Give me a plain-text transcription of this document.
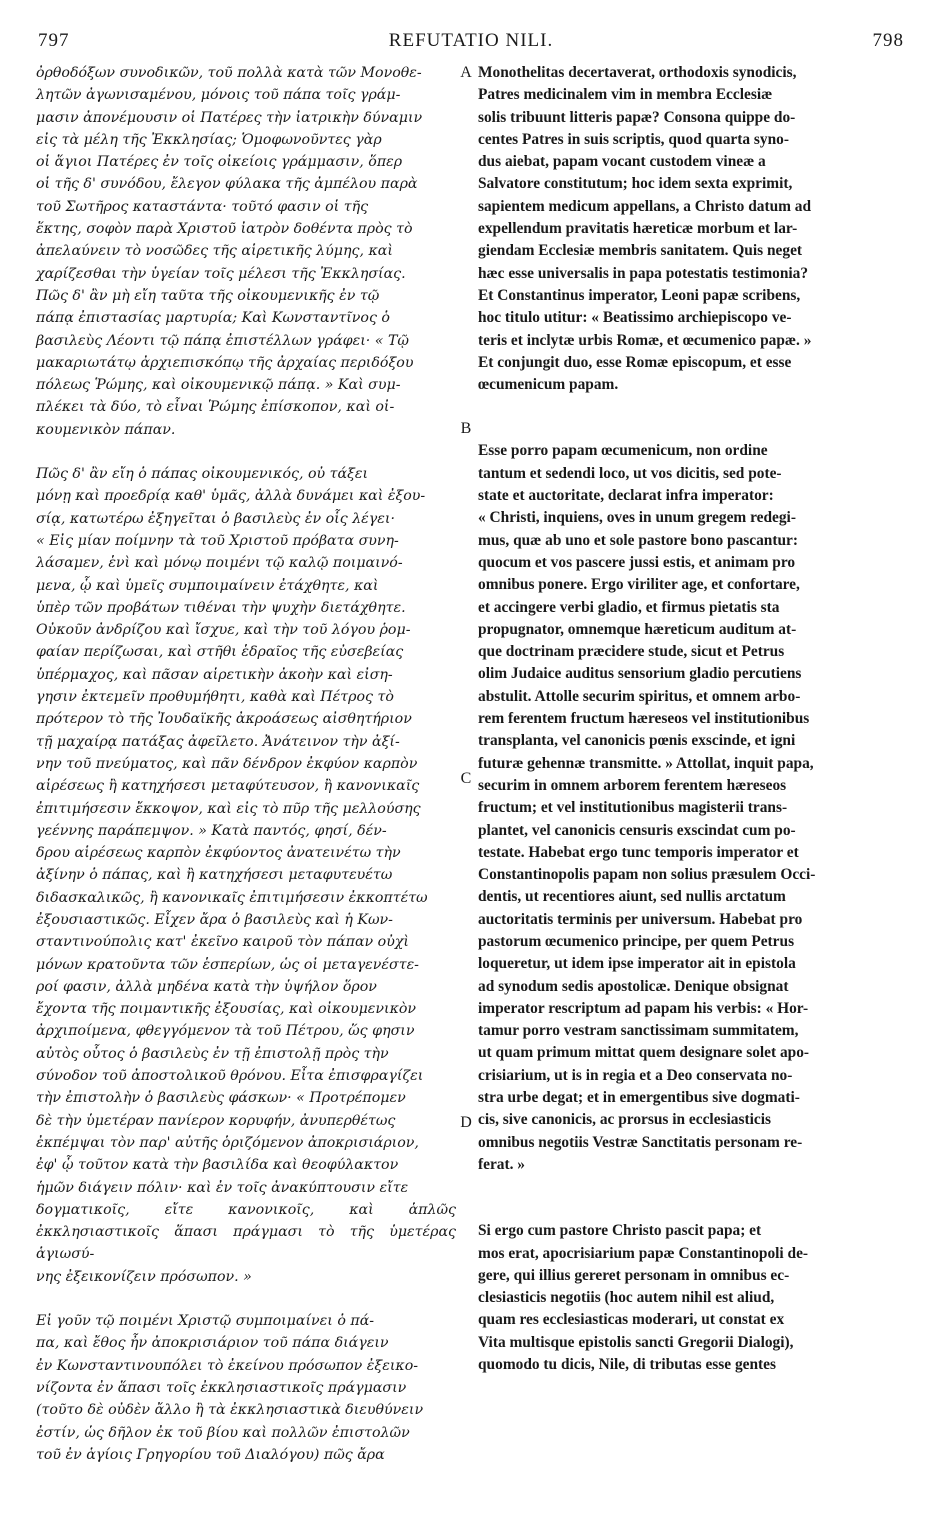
797	REFUTATIO NILI.	798

ὀρθοδόξων συνοδικῶν, τοῦ πολλὰ κατὰ τῶν Μονοθε-
λητῶν ἀγωνισαμένου, μόνοις τοῦ πάπα τοῖς γράμ-
μασιν ἀπονέμουσιν οἱ Πατέρες τὴν ἰατρικὴν δύναμιν
εἰς τὰ μέλη τῆς Ἐκκλησίας; Ὁμοφωνοῦντες γὰρ
οἱ ἅγιοι Πατέρες ἐν τοῖς οἰκείοις γράμμασιν, ὅπερ
οἱ τῆς δ' συνόδου, ἔλεγον φύλακα τῆς ἀμπέλου παρὰ
τοῦ Σωτῆρος καταστάντα· τοῦτό φασιν οἱ τῆς
ἕκτης, σοφὸν παρὰ Χριστοῦ ἰατρὸν δοθέντα πρὸς τὸ
ἀπελαύνειν τὸ νοσῶδες τῆς αἱρετικῆς λύμης, καὶ
χαρίζεσθαι τὴν ὑγείαν τοῖς μέλεσι τῆς Ἐκκλησίας.
Πῶς δ' ἂν μὴ εἴη ταῦτα τῆς οἰκουμενικῆς ἐν τῷ
πάπᾳ ἐπιστασίας μαρτυρία; Καὶ Κωνσταντῖνος ὁ
βασιλεὺς Λέοντι τῷ πάπᾳ ἐπιστέλλων γράφει· « Τῷ
μακαριωτάτῳ ἀρχιεπισκόπῳ τῆς ἀρχαίας περιδόξου
πόλεως Ῥώμης, καὶ οἰκουμενικῷ πάπᾳ. » Καὶ συμ-
πλέκει τὰ δύο, τὸ εἶναι Ῥώμης ἐπίσκοπον, καὶ οἰ-
κουμενικὸν πάπαν.

Πῶς δ' ἂν εἴη ὁ πάπας οἰκουμενικός, οὐ τάξει
μόνῃ καὶ προεδρίᾳ καθ' ὑμᾶς, ἀλλὰ δυνάμει καὶ ἐξου-
σίᾳ, κατωτέρω ἐξηγεῖται ὁ βασιλεὺς ἐν οἷς λέγει·
« Εἰς μίαν ποίμνην τὰ τοῦ Χριστοῦ πρόβατα συνη-
λάσαμεν, ἑνὶ καὶ μόνῳ ποιμένι τῷ καλῷ ποιμαινό-
μενα, ᾧ καὶ ὑμεῖς συμποιμαίνειν ἐτάχθητε, καὶ
ὑπὲρ τῶν προβάτων τιθέναι τὴν ψυχὴν διετάχθητε.
Οὐκοῦν ἀνδρίζου καὶ ἴσχυε, καὶ τὴν τοῦ λόγου ῥομ-
φαίαν περίζωσαι, καὶ στῆθι ἑδραῖος τῆς εὐσεβείας
ὑπέρμαχος, καὶ πᾶσαν αἱρετικὴν ἀκοὴν καὶ εἰση-
γησιν ἐκτεμεῖν προθυμήθητι, καθὰ καὶ Πέτρος τὸ
πρότερον τὸ τῆς Ἰουδαϊκῆς ἀκροάσεως αἰσθητήριον
τῇ μαχαίρᾳ πατάξας ἀφεῖλετο. Ἀνάτεινον τὴν ἀξί-
νην τοῦ πνεύματος, καὶ πᾶν δένδρον ἐκφύον καρπὸν
αἱρέσεως ἢ κατηχήσεσι μεταφύτευσον, ἢ κανονικαῖς
ἐπιτιμήσεσιν ἔκκοψον, καὶ εἰς τὸ πῦρ τῆς μελλούσης
γεέννης παράπεμψον. » Κατὰ παντός, φησί, δέν-
δρου αἱρέσεως καρπὸν ἐκφύοντος ἀνατεινέτω τὴν
ἀξίνην ὁ πάπας, καὶ ἢ κατηχήσεσι μεταφυτευέτω
διδασκαλικῶς, ἢ κανονικαῖς ἐπιτιμήσεσιν ἐκκοπτέτω
ἐξουσιαστικῶς. Εἶχεν ἄρα ὁ βασιλεὺς καὶ ἡ Κων-
σταντινούπολις κατ' ἐκεῖνο καιροῦ τὸν πάπαν οὐχὶ
μόνων κρατοῦντα τῶν ἑσπερίων, ὡς οἱ μεταγενέστε-
ροί φασιν, ἀλλὰ μηδένα κατὰ τὴν ὑψήλον ὅρον
ἔχοντα τῆς ποιμαντικῆς ἐξουσίας, καὶ οἰκουμενικὸν
ἀρχιποίμενα, φθεγγόμενον τὰ τοῦ Πέτρου, ὥς φησιν
αὐτὸς οὗτος ὁ βασιλεὺς ἐν τῇ ἐπιστολῇ πρὸς τὴν
σύνοδον τοῦ ἀποστολικοῦ θρόνου. Εἶτα ἐπισφραγίζει
τὴν ἐπιστολὴν ὁ βασιλεὺς φάσκων· « Προτρέπομεν
δὲ τὴν ὑμετέραν πανίερον κορυφήν, ἀνυπερθέτως
ἐκπέμψαι τὸν παρ' αὐτῆς ὁριζόμενον ἀποκρισιάριον,
ἐφ' ᾧ τοῦτον κατὰ τὴν βασιλίδα καὶ θεοφύλακτον
ἡμῶν διάγειν πόλιν· καὶ ἐν τοῖς ἀνακύπτουσιν εἴτε
δογματικοῖς, εἴτε κανονικοῖς, καὶ ἁπλῶς ἐκκλησιαστικοῖς ἅπασι πράγμασι τὸ τῆς ὑμετέρας ἁγιωσύ-
νης ἐξεικονίζειν πρόσωπον. »

Εἰ γοῦν τῷ ποιμένι Χριστῷ συμποιμαίνει ὁ πά-
πα, καὶ ἔθος ἦν ἀποκρισιάριον τοῦ πάπα διάγειν
ἐν Κωνσταντινουπόλει τὸ ἐκείνου πρόσωπον ἐξεικο-
νίζοντα ἐν ἅπασι τοῖς ἐκκλησιαστικοῖς πράγμασιν
(τοῦτο δὲ οὐδὲν ἄλλο ἢ τὰ ἐκκλησιαστικὰ διευθύνειν
ἐστίν, ὡς δῆλον ἐκ τοῦ βίου καὶ πολλῶν ἐπιστολῶν
τοῦ ἐν ἁγίοις Γρηγορίου τοῦ Διαλόγου) πῶς ἄρα

A
B
C
D

Monothelitas decertaverat, orthodoxis synodicis,
Patres medicinalem vim in membra Ecclesiæ
solis tribuunt litteris papæ? Consona quippe do-
centes Patres in suis scriptis, quod quarta syno-
dus aiebat, papam vocant custodem vineæ a
Salvatore constitutum; hoc idem sexta exprimit,
sapientem medicum appellans, a Christo datum ad
expellendum pravitatis hæreticæ morbum et lar-
giendam Ecclesiæ membris sanitatem. Quis neget
hæc esse universalis in papa potestatis testimonia?
Et Constantinus imperator, Leoni papæ scribens,
hoc titulo utitur: « Beatissimo archiepiscopo ve-
teris et inclytæ urbis Romæ, et œcumenico papæ. »
Et conjungit duo, esse Romæ episcopum, et esse
œcumenicum papam.

Esse porro papam œcumenicum, non ordine
tantum et sedendi loco, ut vos dicitis, sed pote-
state et auctoritate, declarat infra imperator:
« Christi, inquiens, oves in unum gregem redegi-
mus, quæ ab uno et sole pastore bono pascantur:
quocum et vos pascere jussi estis, et animam pro
omnibus ponere. Ergo viriliter age, et confortare,
et accingere verbi gladio, et firmus pietatis sta
propugnator, omnemque hæreticum auditum at-
que doctrinam præcidere stude, sicut et Petrus
olim Judaice auditus sensorium gladio percutiens
abstulit. Attolle securim spiritus, et omnem arbo-
rem ferentem fructum hæreseos vel institutionibus
transplanta, vel canonicis pœnis exscinde, et igni
futuræ gehennæ transmitte. » Attollat, inquit papa,
securim in omnem arborem ferentem hæreseos
fructum; et vel institutionibus magisterii trans-
plantet, vel canonicis censuris exscindat cum po-
testate. Habebat ergo tunc temporis imperator et
Constantinopolis papam non solius præsulem Occi-
dentis, ut recentiores aiunt, sed nullis arctatum
auctoritatis terminis per universum. Habebat pro
pastorum œcumenico principe, per quem Petrus
loqueretur, ut idem ipse imperator ait in epistola
ad synodum sedis apostolicæ. Denique obsignat
imperator rescriptum ad papam his verbis: « Hor-
tamur porro vestram sanctissimam summitatem,
ut quam primum mittat quem designare solet apo-
crisiarium, ut is in regia et a Deo conservata no-
stra urbe degat; et in emergentibus sive dogmati-
cis, sive canonicis, ac prorsus in ecclesiasticis
omnibus negotiis Vestræ Sanctitatis personam re-
ferat. »

Si ergo cum pastore Christo pascit papa; et
mos erat, apocrisiarium papæ Constantinopoli de-
gere, qui illius gereret personam in omnibus ec-
clesiasticis negotiis (hoc autem nihil est aliud,
quam res ecclesiasticas moderari, ut constat ex
Vita multisque epistolis sancti Gregorii Dialogi),
quomodo tu dicis, Nile, di tributas esse gentes
